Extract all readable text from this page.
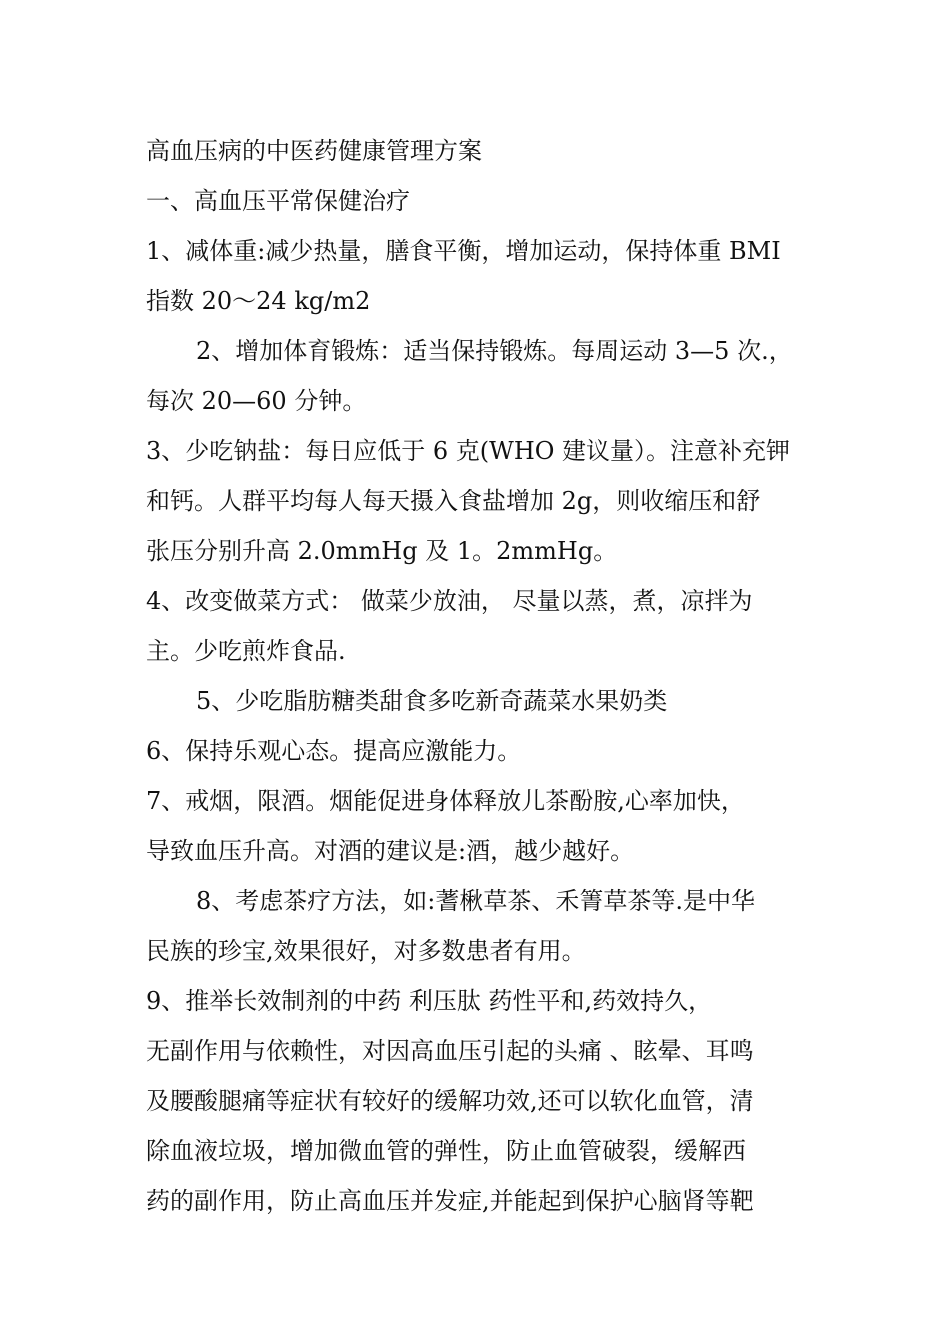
高血压病的中医药健康管理方案
一、高血压平常保健治疗
1、减体重:减少热量，膳食平衡，增加运动，保持体重 BMI
指数 20～24 kg/m2
2、增加体育锻炼：适当保持锻炼。每周运动 3—5 次.，
每次 20—60 分钟。
3、少吃钠盐：每日应低于 6 克(WHO 建议量）。注意补充钾
和钙。人群平均每人每天摄入食盐增加 2g，则收缩压和舒
张压分别升高 2.0mmHg 及 1。2mmHg。
4、改变做菜方式： 做菜少放油， 尽量以蒸，煮，凉拌为
主。少吃煎炸食品.
5、少吃脂肪糖类甜食多吃新奇蔬菜水果奶类
6、保持乐观心态。提高应激能力。
7、戒烟，限酒。烟能促进身体释放儿茶酚胺,心率加快，
导致血压升高。对酒的建议是:酒，越少越好。
8、考虑茶疗方法，如:蓍楸草茶、禾箐草茶等.是中华
民族的珍宝,效果很好，对多数患者有用。
9、推举长效制剂的中药 利压肽 药性平和,药效持久，
无副作用与依赖性，对因高血压引起的头痛 、眩晕、耳鸣
及腰酸腿痛等症状有较好的缓解功效,还可以软化血管，清
除血液垃圾，增加微血管的弹性，防止血管破裂，缓解西
药的副作用，防止高血压并发症,并能起到保护心脑肾等靶
